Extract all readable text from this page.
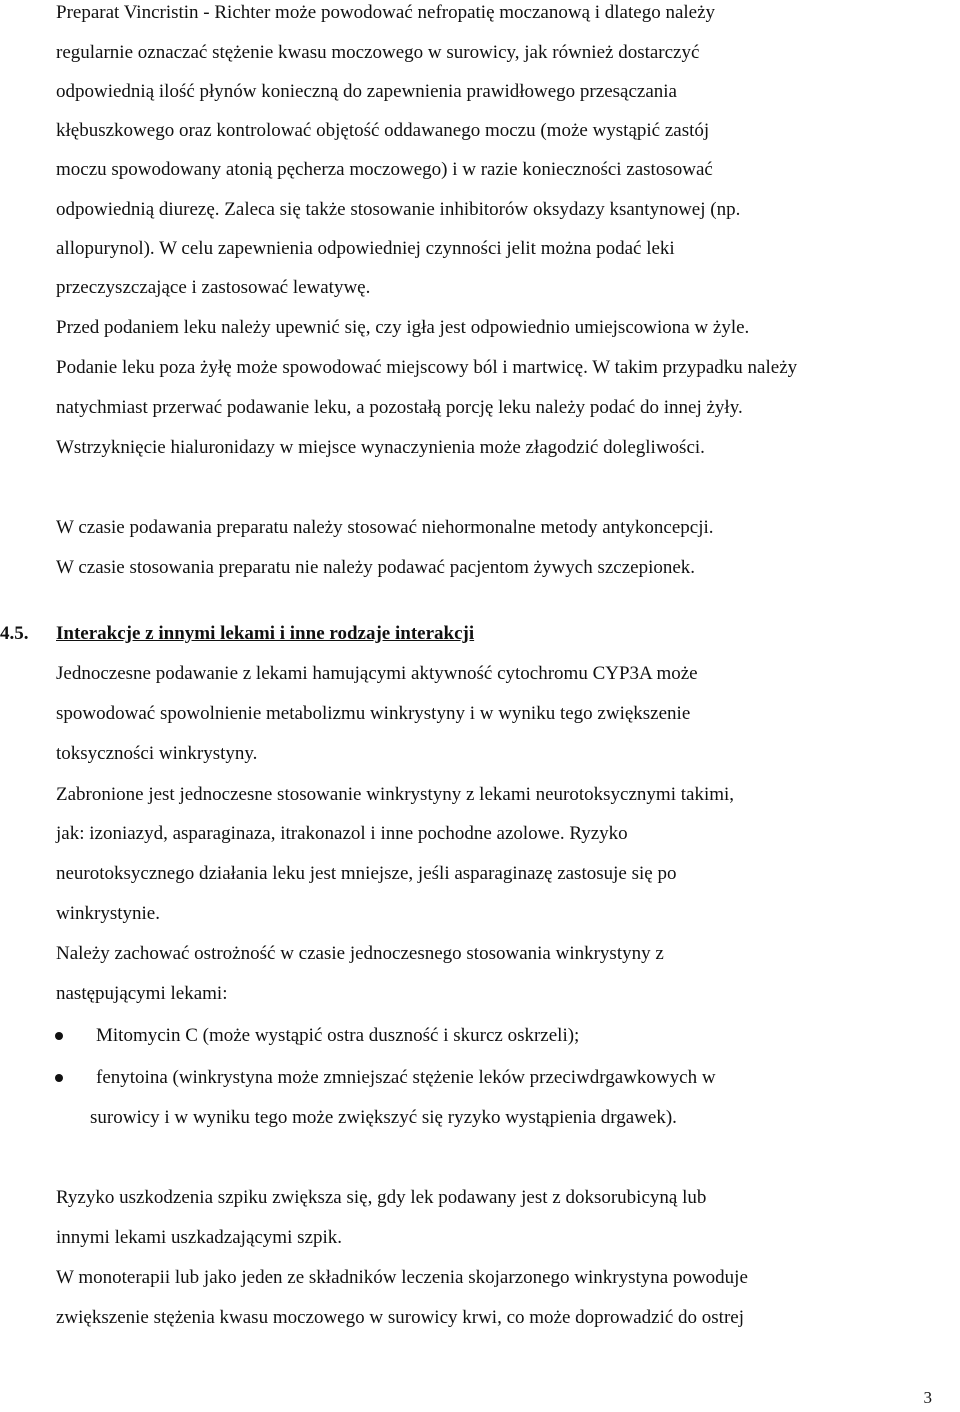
Preparat Vincristin - Richter może powodować nefropatię moczanową i dlatego należy
regularnie oznaczać stężenie kwasu moczowego w surowicy, jak również dostarczyć
odpowiednią ilość płynów konieczną do zapewnienia prawidłowego przesączania
kłębuszkowego oraz kontrolować objętość oddawanego moczu (może wystąpić zastój
moczu spowodowany atonią pęcherza moczowego) i w razie konieczności zastosować
odpowiednią diurezę. Zaleca się także stosowanie inhibitorów oksydazy ksantynowej (np.
allopurynol). W celu zapewnienia odpowiedniej czynności jelit można podać leki
przeczyszczające i zastosować lewatywę.
Przed podaniem leku należy upewnić się, czy igła jest odpowiednio umiejscowiona w żyle.
Podanie leku poza żyłę może spowodować miejscowy ból i martwicę. W takim przypadku należy
natychmiast przerwać podawanie leku, a pozostałą porcję leku należy podać do innej żyły.
Wstrzyknięcie hialuronidazy w miejsce wynaczynienia może złagodzić dolegliwości.
W czasie podawania preparatu należy stosować niehormonalne metody antykoncepcji.
W czasie stosowania preparatu nie należy podawać pacjentom żywych szczepionek.
4.5. Interakcje z innymi lekami i inne rodzaje interakcji
Jednoczesne podawanie z lekami hamującymi aktywność cytochromu CYP3A może
spowodować spowolnienie metabolizmu winkrystyny i w wyniku tego zwiększenie
toksyczności winkrystyny.
Zabronione jest jednoczesne stosowanie winkrystyny z lekami neurotoksycznymi takimi,
jak: izoniazyd, asparaginaza, itrakonazol i inne pochodne azolowe. Ryzyko
neurotoksycznego działania leku jest mniejsze, jeśli asparaginazę zastosuje się po
winkrystynie.
Należy zachować ostrożność w czasie jednoczesnego stosowania winkrystyny z
następującymi lekami:
Mitomycin C (może wystąpić ostra duszność i skurcz oskrzeli);
fenytoina (winkrystyna może zmniejszać stężenie leków przeciwdrgawkowych w
surowicy i w wyniku tego może zwiększyć się ryzyko wystąpienia drgawek).
Ryzyko uszkodzenia szpiku zwiększa się, gdy lek podawany jest z doksorubicyną lub
innymi lekami uszkadzającymi szpik.
W monoterapii lub jako jeden ze składników leczenia skojarzonego winkrystyna powoduje
zwiększenie stężenia kwasu moczowego w surowicy krwi, co może doprowadzić do ostrej
3
